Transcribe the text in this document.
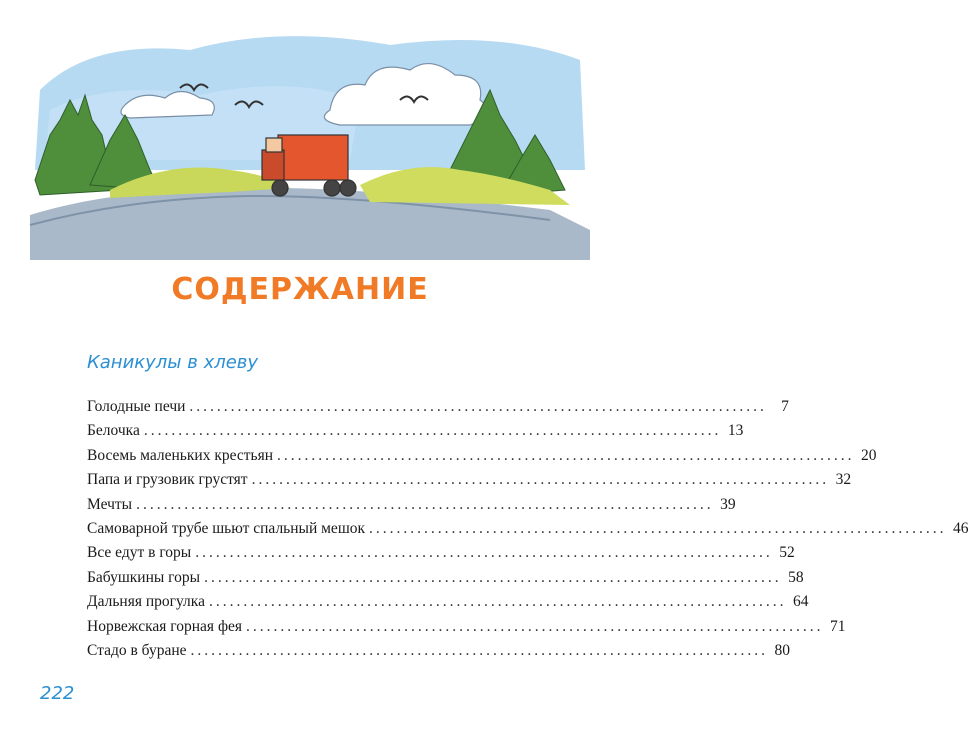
СОДЕРЖАНИЕ
Каникулы в хлеву
Голодные печи .................................................................................... 7
Белочка .................................................................................... 13
Восемь маленьких крестьян .................................................................................... 20
Папа и грузовик грустят .................................................................................... 32
Мечты .................................................................................... 39
Самоварной трубе шьют спальный мешок .................................................................................... 46
Все едут в горы .................................................................................... 52
Бабушкины горы .................................................................................... 58
Дальняя прогулка .................................................................................... 64
Норвежская горная фея .................................................................................... 71
Стадо в буране .................................................................................... 80
222
